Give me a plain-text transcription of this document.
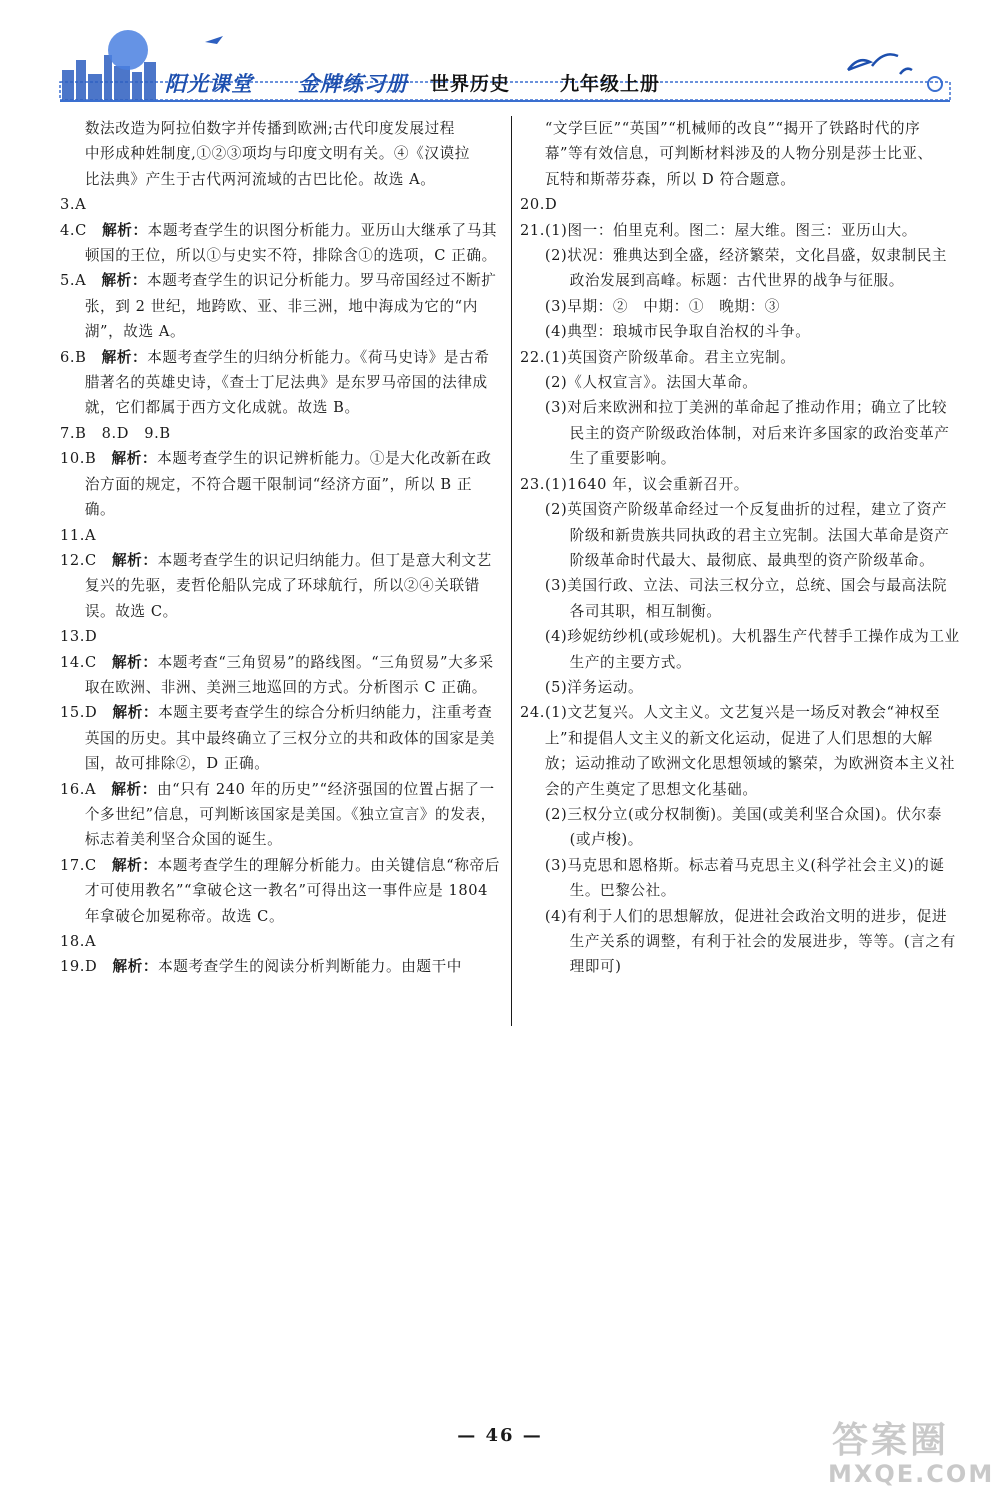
阳光课堂 金牌练习册 世界历史	九年级上册
数法改造为阿拉伯数字并传播到欧洲;古代印度发展过程
中形成种姓制度,①②③项均与印度文明有关。④《汉谟拉
比法典》产生于古代两河流域的古巴比伦。故选 A。
3.A
4.C　解析：本题考查学生的识图分析能力。亚历山大继承了马其顿国的王位，所以①与史实不符，排除含①的选项，C 正确。
5.A　解析：本题考查学生的识记分析能力。罗马帝国经过不断扩张，到 2 世纪，地跨欧、亚、非三洲，地中海成为它的“内湖”，故选 A。
6.B　解析：本题考查学生的归纳分析能力。《荷马史诗》是古希腊著名的英雄史诗，《查士丁尼法典》是东罗马帝国的法律成就，它们都属于西方文化成就。故选 B。
7.B　8.D　9.B
10.B　解析：本题考查学生的识记辨析能力。①是大化改新在政治方面的规定，不符合题干限制词“经济方面”，所以 B 正确。
11.A
12.C　解析：本题考查学生的识记归纳能力。但丁是意大利文艺复兴的先驱，麦哲伦船队完成了环球航行，所以②④关联错误。故选 C。
13.D
14.C　解析：本题考查“三角贸易”的路线图。“三角贸易”大多采取在欧洲、非洲、美洲三地巡回的方式。分析图示 C 正确。
15.D　解析：本题主要考查学生的综合分析归纳能力，注重考查英国的历史。其中最终确立了三权分立的共和政体的国家是美国，故可排除②，D 正确。
16.A　解析：由“只有 240 年的历史”“经济强国的位置占据了一个多世纪”信息，可判断该国家是美国。《独立宣言》的发表，标志着美利坚合众国的诞生。
17.C　解析：本题考查学生的理解分析能力。由关键信息“称帝后才可使用教名”“拿破仑这一教名”可得出这一事件应是 1804 年拿破仑加冕称帝。故选 C。
18.A
19.D　解析：本题考查学生的阅读分析判断能力。由题干中
“文学巨匠”“英国”“机械师的改良”“揭开了铁路时代的序
幕”等有效信息，可判断材料涉及的人物分别是莎士比亚、
瓦特和斯蒂芬森，所以 D 符合题意。
20.D
21.(1)图一：伯里克利。图二：屋大维。图三：亚历山大。
(2)状况：雅典达到全盛，经济繁荣，文化昌盛，奴隶制民主政治发展到高峰。标题：古代世界的战争与征服。
(3)早期：②　中期：①　晚期：③
(4)典型：琅城市民争取自治权的斗争。
22.(1)英国资产阶级革命。君主立宪制。
(2)《人权宣言》。法国大革命。
(3)对后来欧洲和拉丁美洲的革命起了推动作用；确立了比较民主的资产阶级政治体制，对后来许多国家的政治变革产生了重要影响。
23.(1)1640 年，议会重新召开。
(2)英国资产阶级革命经过一个反复曲折的过程，建立了资产阶级和新贵族共同执政的君主立宪制。法国大革命是资产阶级革命时代最大、最彻底、最典型的资产阶级革命。
(3)美国行政、立法、司法三权分立，总统、国会与最高法院各司其职，相互制衡。
(4)珍妮纺纱机(或珍妮机)。大机器生产代替手工操作成为工业生产的主要方式。
(5)洋务运动。
24.(1)文艺复兴。人文主义。文艺复兴是一场反对教会“神权至上”和提倡人文主义的新文化运动，促进了人们思想的大解放；运动推动了欧洲文化思想领域的繁荣，为欧洲资本主义社会的产生奠定了思想文化基础。
(2)三权分立(或分权制衡)。美国(或美利坚合众国)。伏尔泰(或卢梭)。
(3)马克思和恩格斯。标志着马克思主义(科学社会主义)的诞生。巴黎公社。
(4)有利于人们的思想解放，促进社会政治文明的进步，促进生产关系的调整，有利于社会的发展进步，等等。(言之有理即可)
— 46 —	答案圈
MXQE.COM
